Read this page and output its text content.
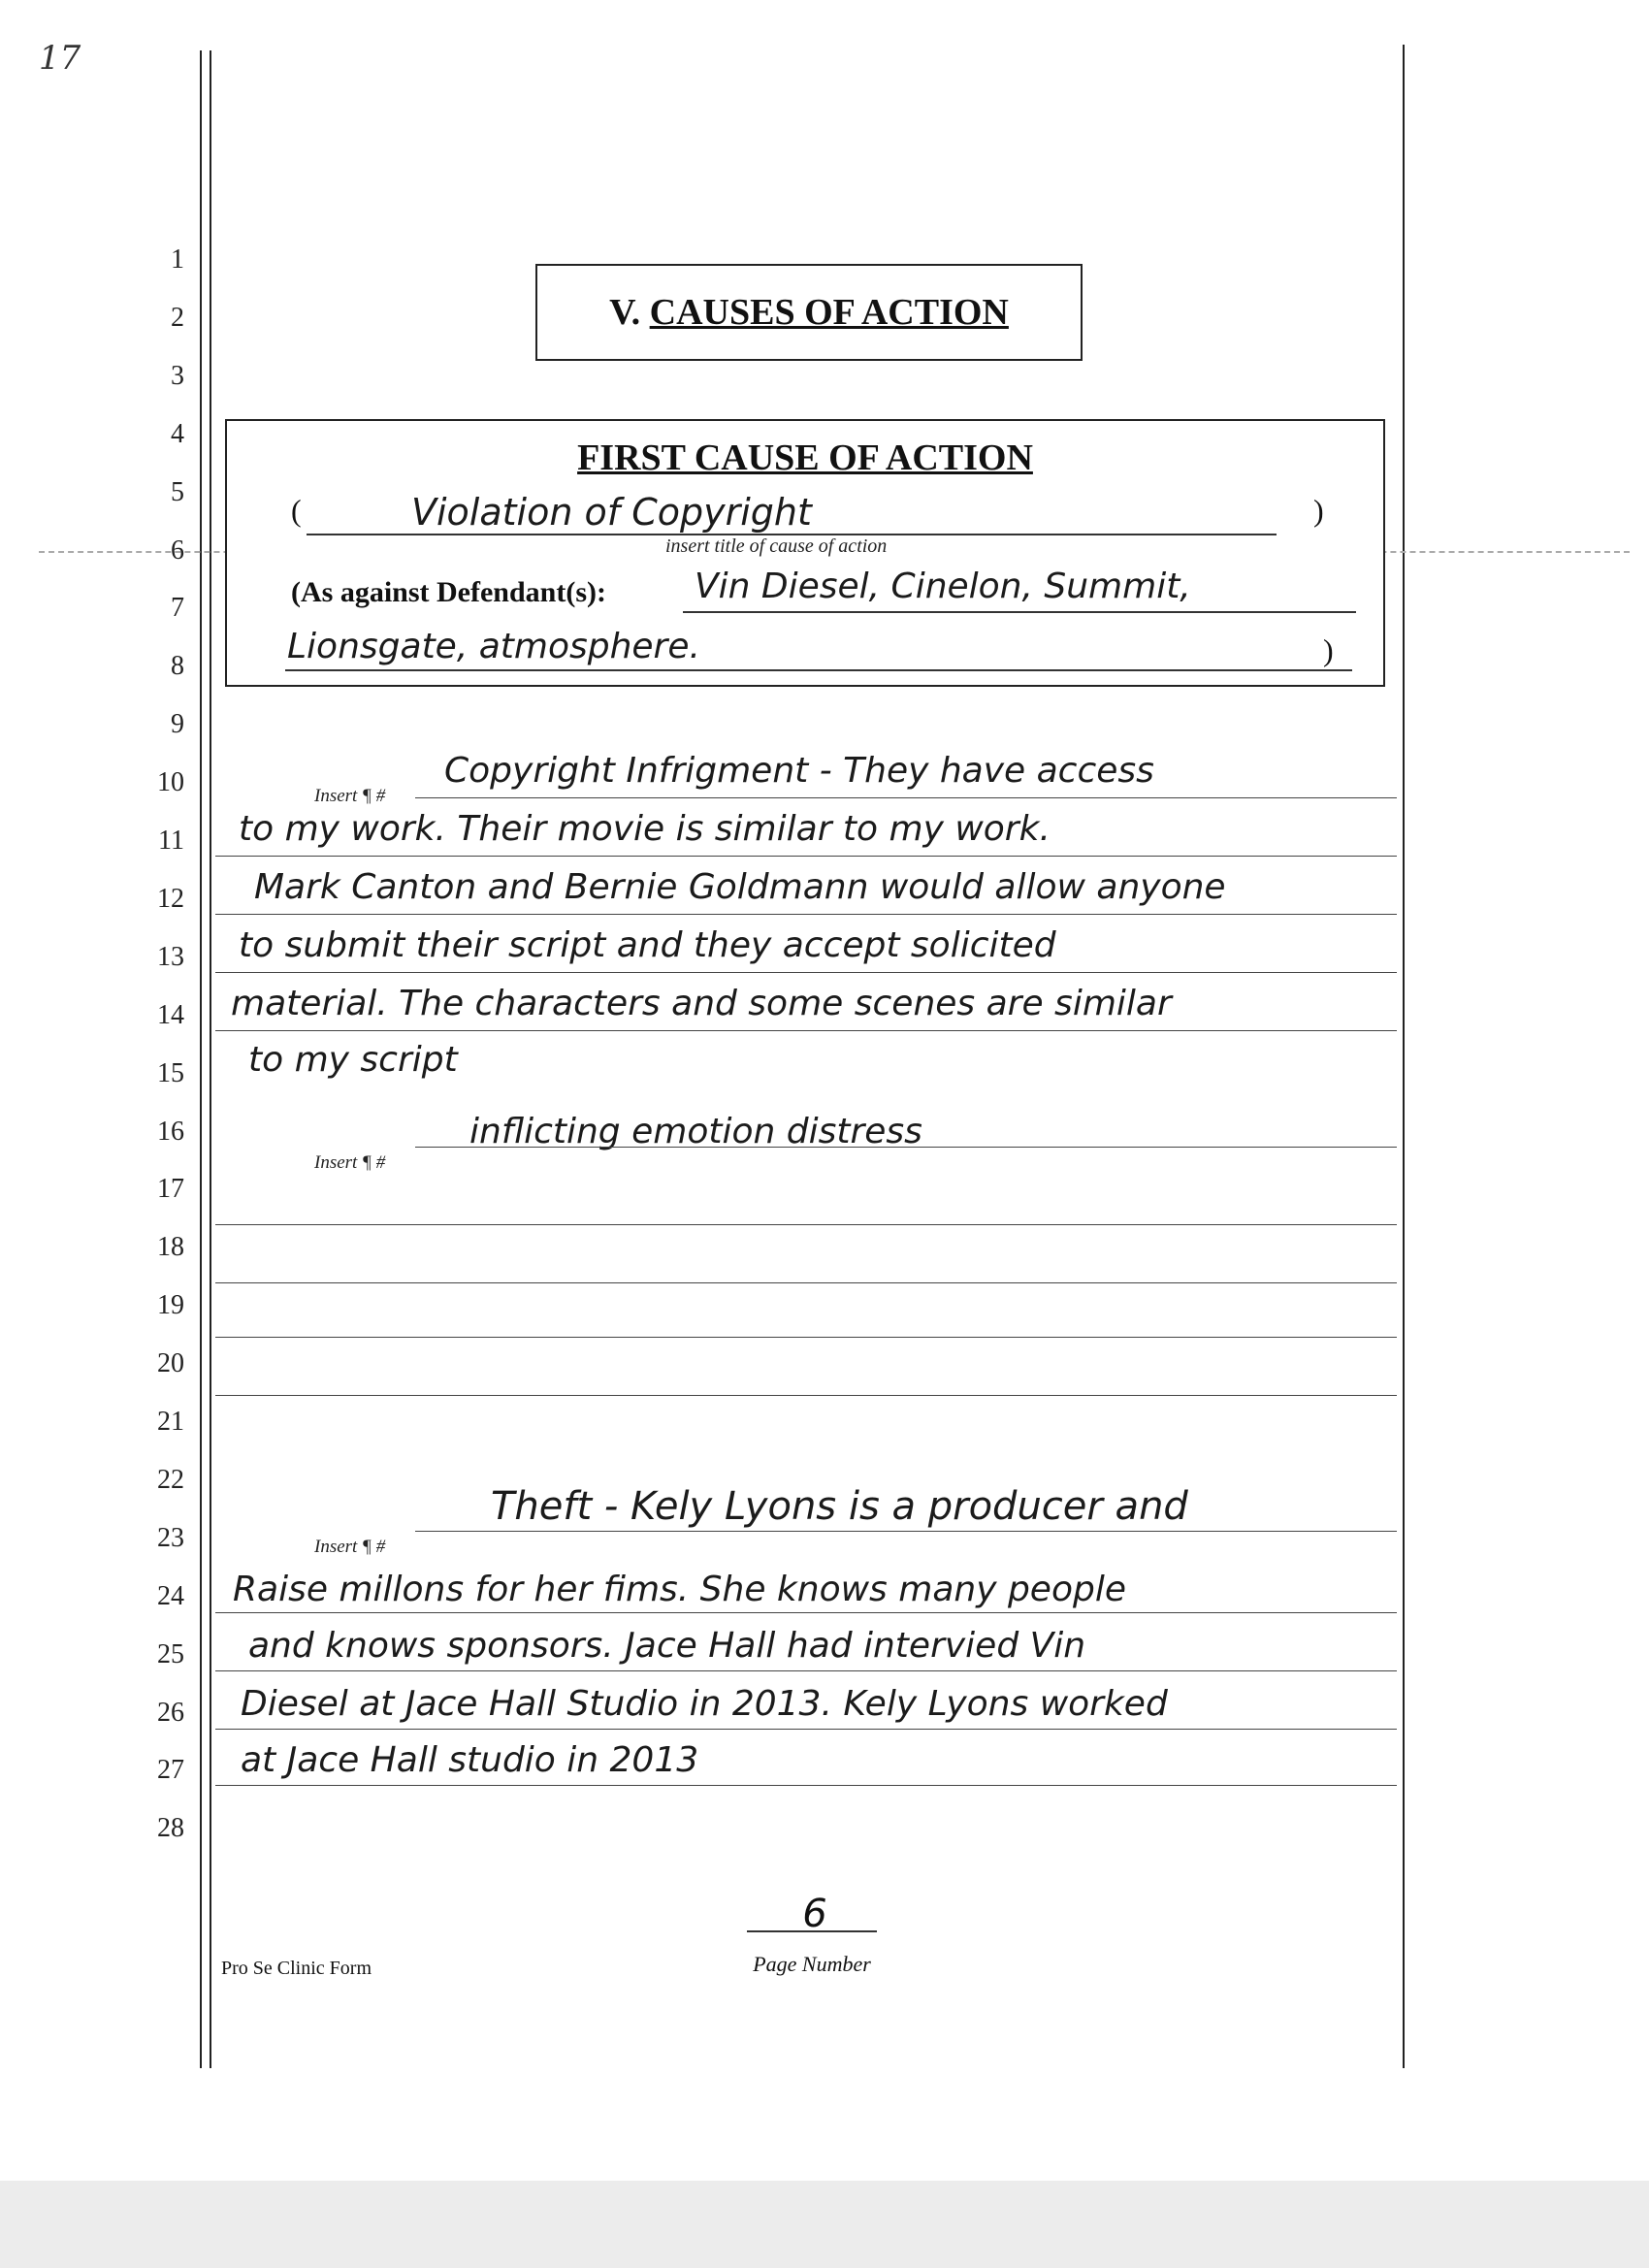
17
1
2
3
4
5
6
7
8
9
10
11
12
13
14
15
16
17
18
19
20
21
22
23
24
25
26
27
28
V. CAUSES OF ACTION
FIRST CAUSE OF ACTION
(	Violation of Copyright	)
insert title of cause of action
(As against Defendant(s):	Vin Diesel, Cinelon, Summit,
Lionsgate, atmosphere.	)
Insert ¶ #
Copyright Infrigment - They have access
to my work. Their movie is similar to my work.
Mark Canton and Bernie Goldmann would allow anyone
to submit their script and they accept solicited
material. The characters and some scenes are similar
to my script
Insert ¶ #
inflicting emotion distress
Insert ¶ #
Theft - Kely Lyons is a producer and
Raise millons for her fims. She knows many people
and knows sponsors. Jace Hall had intervied Vin
Diesel at Jace Hall Studio in 2013. Kely Lyons worked
at Jace Hall studio in 2013
Pro Se Clinic Form
6
Page Number
